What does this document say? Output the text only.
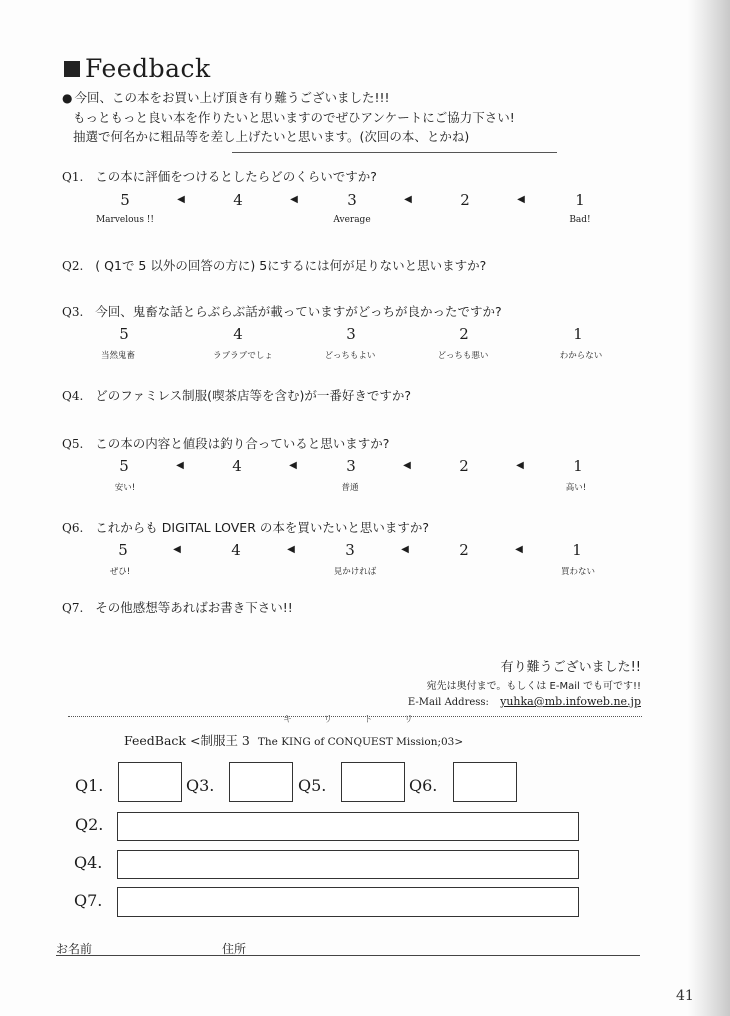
Feedback
● 今回、この本をお買い上げ頂き有り難うございました!!!
もっともっと良い本を作りたいと思いますのでぜひアンケートにご協力下さい!
抽選で何名かに粗品等を差し上げたいと思います。(次回の本、とかね)
Q1. この本に評価をつけるとしたらどのくらいですか?
5	◀	4	◀	3	◀	2	◀	1
Marvelous !!	Average	Bad!
Q2. ( Q1で 5 以外の回答の方に) 5にするには何が足りないと思いますか?
Q3. 今回、鬼畜な話とらぶらぶ話が載っていますがどっちが良かったですか?
5	4	3	2	1
当然鬼畜	ラブラブでしょ	どっちもよい	どっちも悪い	わからない
Q4. どのファミレス制服(喫茶店等を含む)が一番好きですか?
Q5. この本の内容と値段は釣り合っていると思いますか?
5	◀	4	◀	3	◀	2	◀	1
安い!	普通	高い!
Q6. これからも DIGITAL LOVER の本を買いたいと思いますか?
5	◀	4	◀	3	◀	2	◀	1
ぜひ!	見かければ	買わない
Q7. その他感想等あればお書き下さい!!
有り難うございました!!
宛先は奥付まで。もしくは E-Mail でも可です!!
E-Mail Address: yuhka@mb.infoweb.ne.jp
キ	リ	ト	リ
FeedBack <制服王 3 The KING of CONQUEST Mission;03>
Q1.	Q3.	Q5.	Q6.
Q2.
Q4.
Q7.
お名前	住所
41
